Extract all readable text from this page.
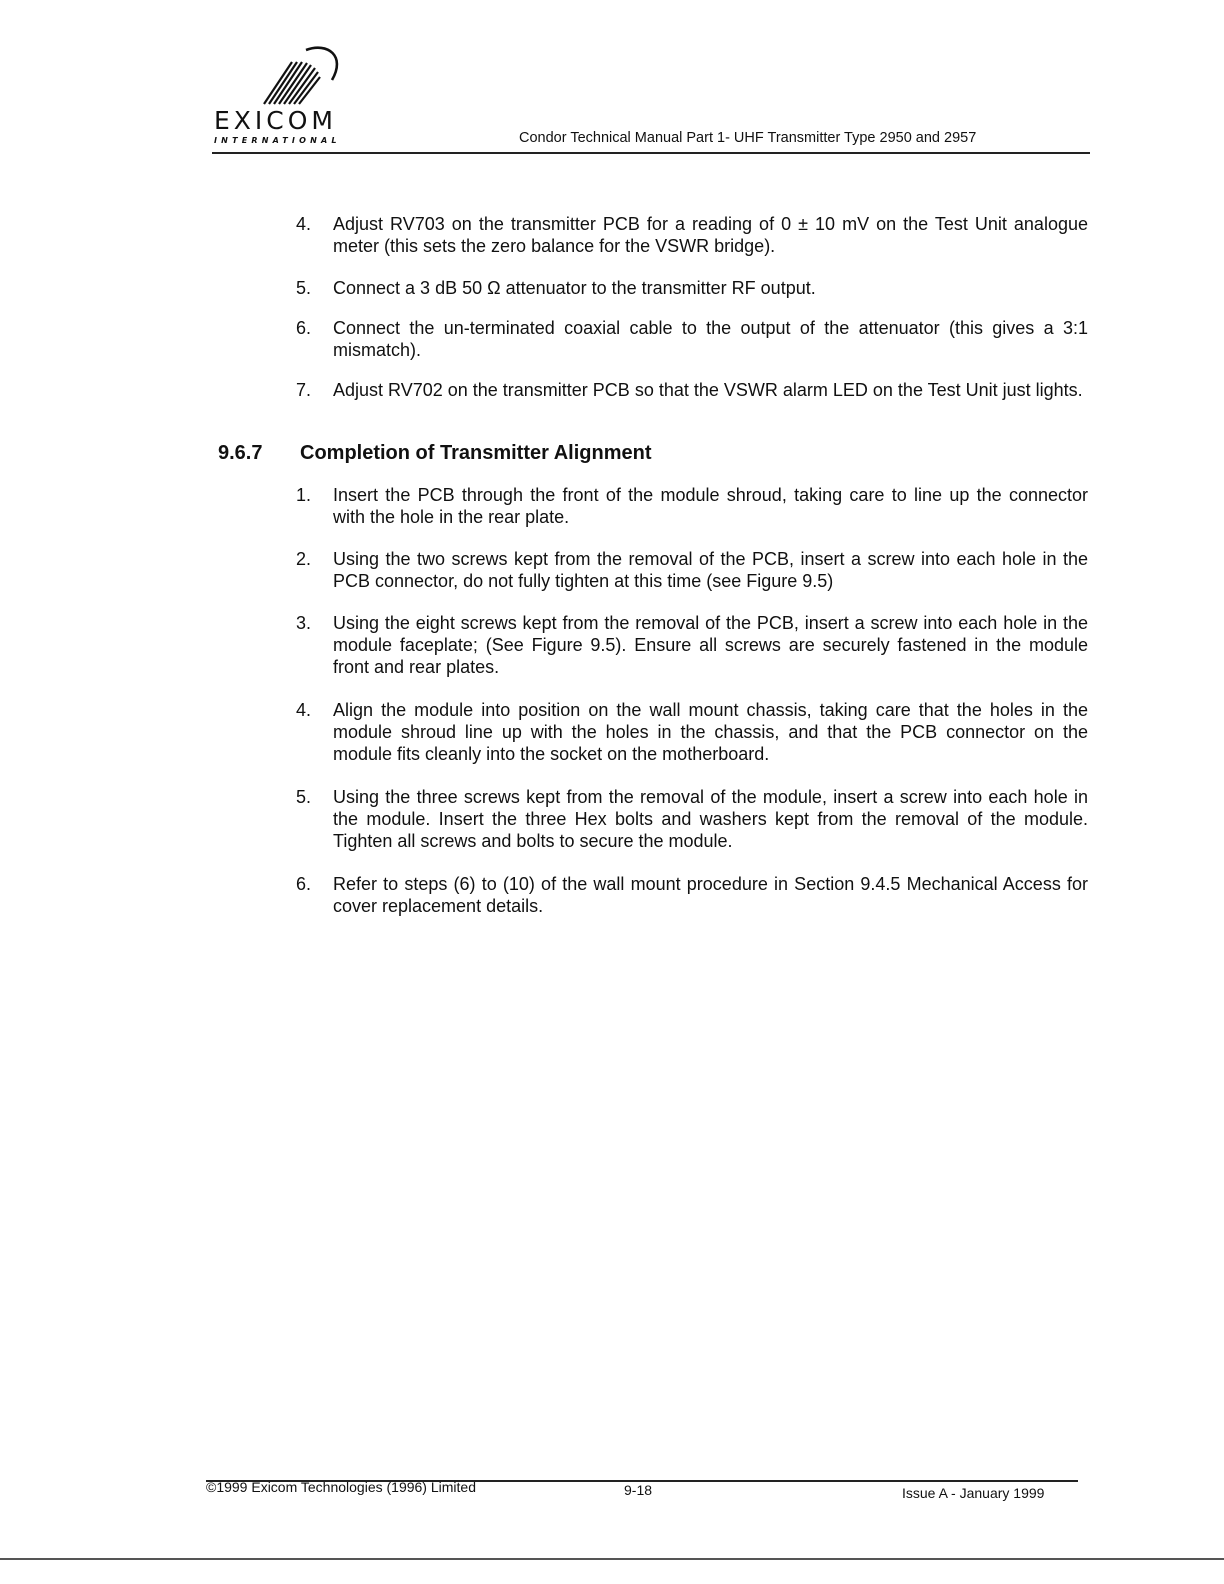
EXICOM
INTERNATIONAL	Condor Technical Manual Part 1- UHF Transmitter Type 2950 and 2957
4. Adjust RV703 on the transmitter PCB for a reading of 0 ± 10 mV on the Test Unit analogue meter (this sets the zero balance for the VSWR bridge).
5. Connect a 3 dB 50 Ω attenuator to the transmitter RF output.
6. Connect the un-terminated coaxial cable to the output of the attenuator (this gives a 3:1 mismatch).
7. Adjust RV702 on the transmitter PCB so that the VSWR alarm LED on the Test Unit just lights.
9.6.7 Completion of Transmitter Alignment
1. Insert the PCB through the front of the module shroud, taking care to line up the connector with the hole in the rear plate.
2. Using the two screws kept from the removal of the PCB, insert a screw into each hole in the PCB connector, do not fully tighten at this time (see Figure 9.5)
3. Using the eight screws kept from the removal of the PCB, insert a screw into each hole in the module faceplate; (See Figure 9.5). Ensure all screws are securely fastened in the module front and rear plates.
4. Align the module into position on the wall mount chassis, taking care that the holes in the module shroud line up with the holes in the chassis, and that the PCB connector on the module fits cleanly into the socket on the motherboard.
5. Using the three screws kept from the removal of the module, insert a screw into each hole in the module. Insert the three Hex bolts and washers kept from the removal of the module. Tighten all screws and bolts to secure the module.
6. Refer to steps (6) to (10) of the wall mount procedure in Section 9.4.5 Mechanical Access for cover replacement details.
©1999 Exicom Technologies (1996) Limited	9-18	Issue A - January 1999
